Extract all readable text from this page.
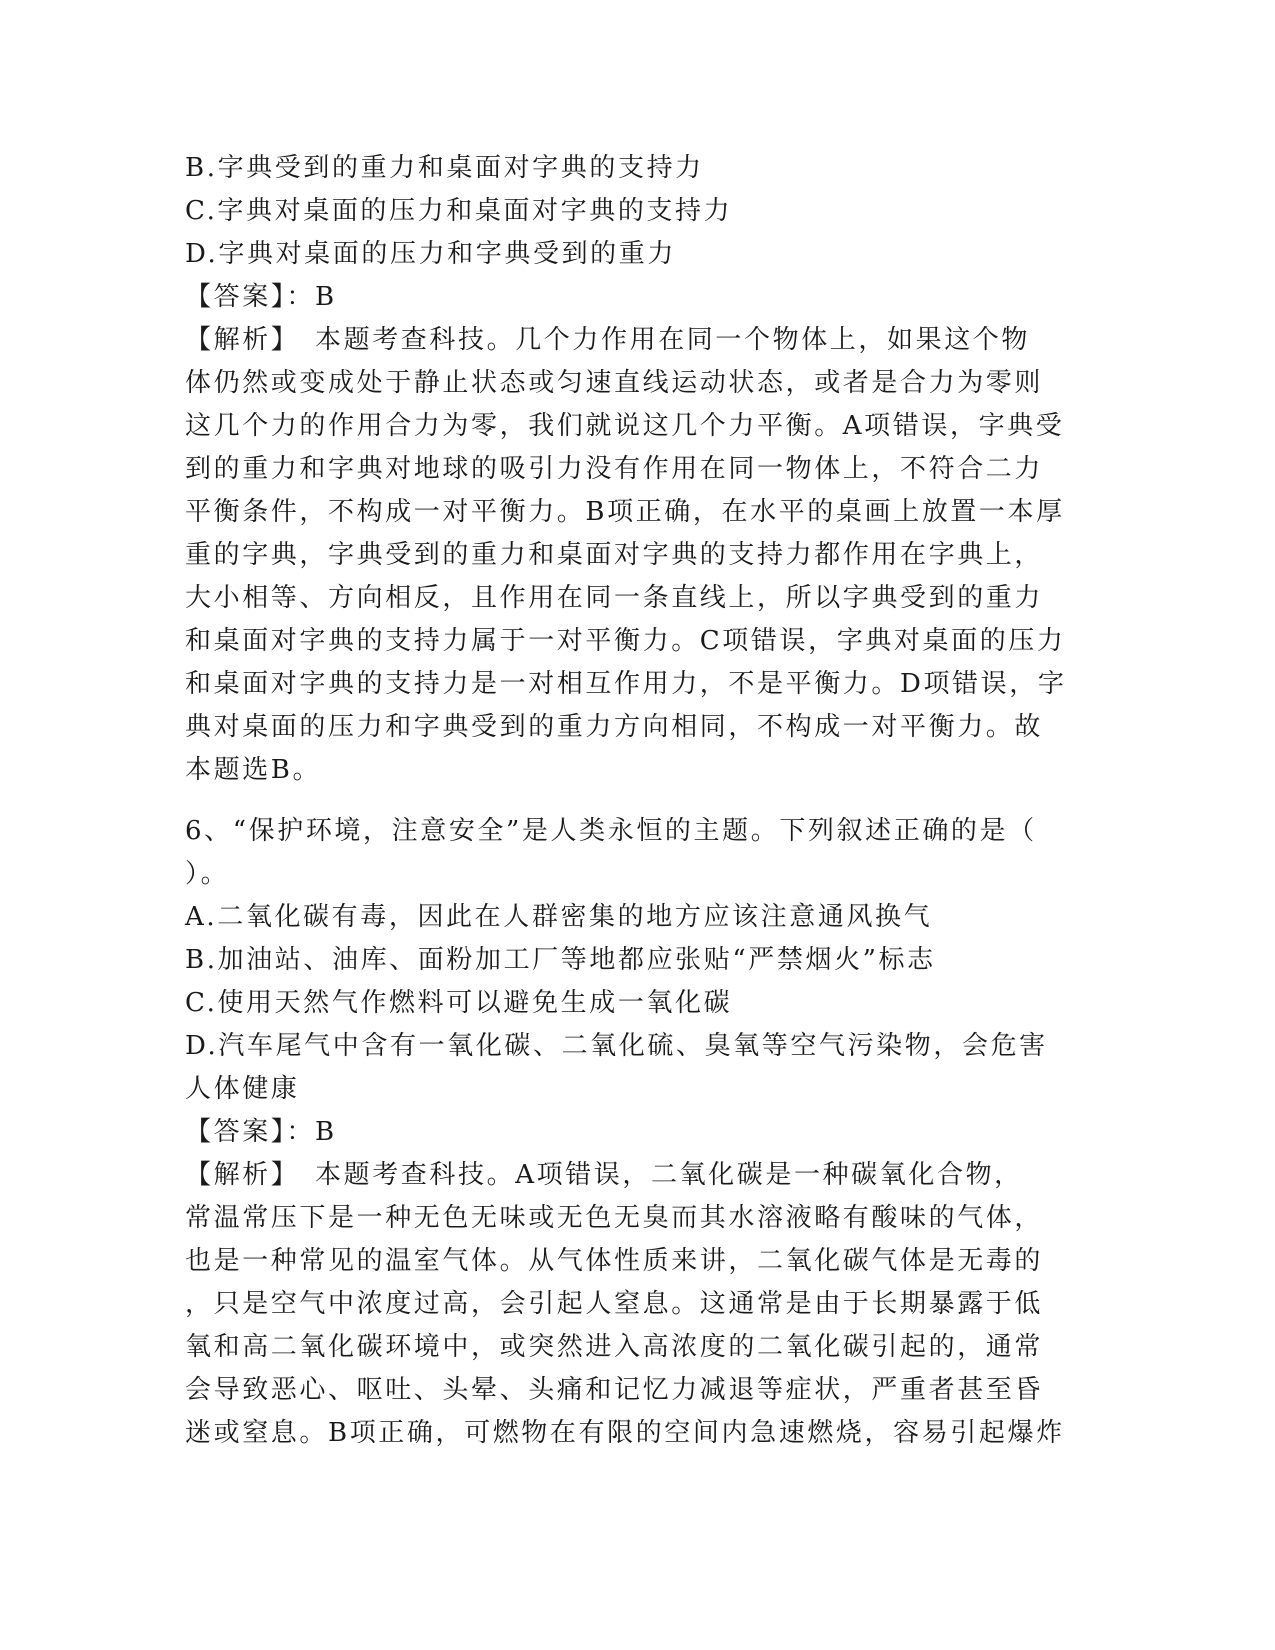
B.字典受到的重力和桌面对字典的支持力
C.字典对桌面的压力和桌面对字典的支持力
D.字典对桌面的压力和字典受到的重力
【答案】：B
【解析】　本题考查科技。几个力作用在同一个物体上，如果这个物
体仍然或变成处于静止状态或匀速直线运动状态，或者是合力为零则
这几个力的作用合力为零，我们就说这几个力平衡。A项错误，字典受
到的重力和字典对地球的吸引力没有作用在同一物体上，不符合二力
平衡条件，不构成一对平衡力。B项正确，在水平的桌画上放置一本厚
重的字典，字典受到的重力和桌面对字典的支持力都作用在字典上，
大小相等、方向相反，且作用在同一条直线上，所以字典受到的重力
和桌面对字典的支持力属于一对平衡力。C项错误，字典对桌面的压力
和桌面对字典的支持力是一对相互作用力，不是平衡力。D项错误，字
典对桌面的压力和字典受到的重力方向相同，不构成一对平衡力。故
本题选B。
6、“保护环境，注意安全”是人类永恒的主题。下列叙述正确的是（
）。
A.二氧化碳有毒，因此在人群密集的地方应该注意通风换气
B.加油站、油库、面粉加工厂等地都应张贴“严禁烟火”标志
C.使用天然气作燃料可以避免生成一氧化碳
D.汽车尾气中含有一氧化碳、二氧化硫、臭氧等空气污染物，会危害
人体健康
【答案】：B
【解析】　本题考查科技。A项错误，二氧化碳是一种碳氧化合物，
常温常压下是一种无色无味或无色无臭而其水溶液略有酸味的气体，
也是一种常见的温室气体。从气体性质来讲，二氧化碳气体是无毒的
，只是空气中浓度过高，会引起人窒息。这通常是由于长期暴露于低
氧和高二氧化碳环境中，或突然进入高浓度的二氧化碳引起的，通常
会导致恶心、呕吐、头晕、头痛和记忆力减退等症状，严重者甚至昏
迷或窒息。B项正确，可燃物在有限的空间内急速燃烧，容易引起爆炸
